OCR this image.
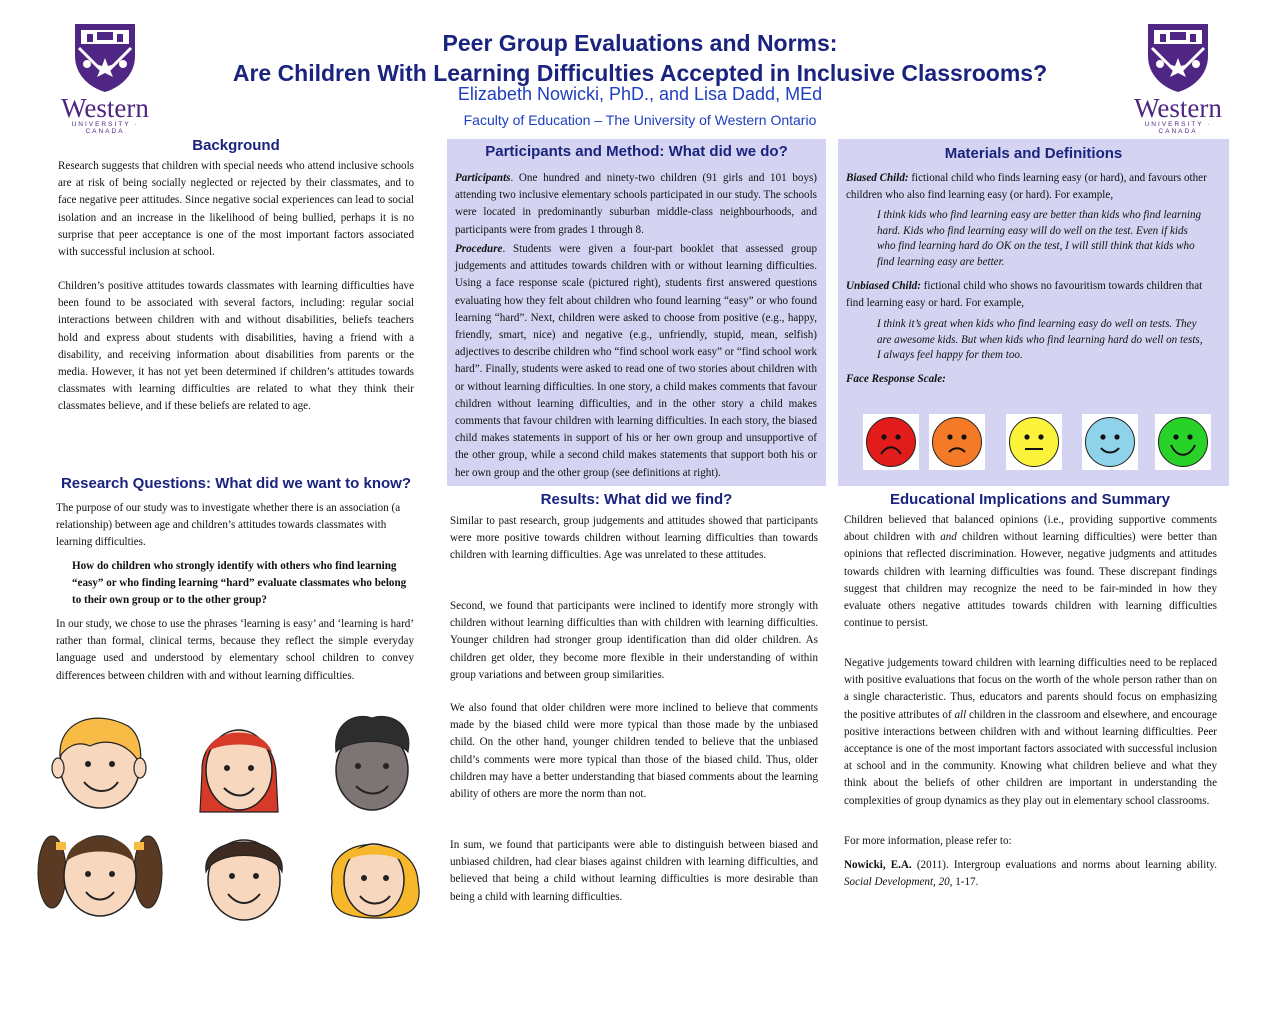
Western
UNIVERSITY · CANADA
Western
UNIVERSITY · CANADA
Peer Group Evaluations and Norms:
Are Children With Learning Difficulties Accepted in Inclusive Classrooms?
Elizabeth Nowicki, PhD., and Lisa Dadd, MEd
Faculty of Education – The University of Western Ontario
Background
Research suggests that children with special needs who attend inclusive schools are at risk of being socially neglected or rejected by their classmates, and to face negative peer attitudes. Since negative social experiences can lead to social isolation and an increase in the likelihood of being bullied, perhaps it is no surprise that peer acceptance is one of the most important factors associated with successful inclusion at school.
Children’s positive attitudes towards classmates with learning difficulties have been found to be associated with several factors, including: regular social interactions between children with and without disabilities, beliefs teachers hold and express about students with disabilities, having a friend with a disability, and receiving information about disabilities from parents or the media. However, it has not yet been determined if children’s attitudes towards classmates with learning difficulties are related to what they think their classmates believe, and if these beliefs are related to age.
Research Questions: What did we want to know?
The purpose of our study was to investigate whether there is an association (a relationship) between age and children’s attitudes towards classmates with learning difficulties.
How do children who strongly identify with others who find learning “easy” or who finding learning “hard” evaluate classmates who belong to their own group or to the other group?
In our study, we chose to use the phrases ‘learning is easy’ and ‘learning is hard’ rather than formal, clinical terms, because they reflect the simple everyday language used and understood by elementary school children to convey differences between children with and without learning difficulties.
Participants and Method: What did we do?
Participants. One hundred and ninety-two children (91 girls and 101 boys) attending two inclusive elementary schools participated in our study. The schools were located in predominantly suburban middle-class neighbourhoods, and participants were from grades 1 through 8.
Procedure. Students were given a four-part booklet that assessed group judgements and attitudes towards children with or without learning difficulties. Using a face response scale (pictured right), students first answered questions evaluating how they felt about children who found learning “easy” or who found learning “hard”. Next, children were asked to choose from positive (e.g., happy, friendly, smart, nice) and negative (e.g., unfriendly, stupid, mean, selfish) adjectives to describe children who “find school work easy” or “find school work hard”. Finally, students were asked to read one of two stories about children with or without learning difficulties. In one story, a child makes comments that favour children without learning difficulties, and in the other story a child makes comments that favour children with learning difficulties. In each story, the biased child makes statements in support of his or her own group and unsupportive of the other group, while a second child makes statements that support both his or her own group and the other group (see definitions at right).
Materials and Definitions
Biased Child: fictional child who finds learning easy (or hard), and favours other children who also find learning easy (or hard). For example,
I think kids who find learning easy are better than kids who find learning hard. Kids who find learning easy will do well on the test. Even if kids who find learning hard do OK on the test, I will still think that kids who find learning easy are better.
Unbiased Child: fictional child who shows no favouritism towards children that find learning easy or hard. For example,
I think it’s great when kids who find learning easy do well on tests. They are awesome kids. But when kids who find learning hard do well on tests, I always feel happy for them too.
Face Response Scale:
Results: What did we find?
Similar to past research, group judgements and attitudes showed that participants were more positive towards children without learning difficulties than towards children with learning difficulties. Age was unrelated to these attitudes.
Second, we found that participants were inclined to identify more strongly with children without learning difficulties than with children with learning difficulties. Younger children had stronger group identification than did older children. As children get older, they become more flexible in their understanding of within group variations and between group similarities.
We also found that older children were more inclined to believe that comments made by the biased child were more typical than those made by the unbiased child. On the other hand, younger children tended to believe that the unbiased child’s comments were more typical than those of the biased child. Thus, older children may have a better understanding that biased comments about the learning ability of others are more the norm than not.
In sum, we found that participants were able to distinguish between biased and unbiased children, had clear biases against children with learning difficulties, and believed that being a child without learning difficulties is more desirable than being a child with learning difficulties.
Educational Implications and Summary
Children believed that balanced opinions (i.e., providing supportive comments about children with and children without learning difficulties) were better than opinions that reflected discrimination. However, negative judgments and attitudes towards children with learning difficulties was found. These discrepant findings suggest that children may recognize the need to be fair-minded in how they evaluate others negative attitudes towards children with learning difficulties continue to persist.
Negative judgements toward children with learning difficulties need to be replaced with positive evaluations that focus on the worth of the whole person rather than on a single characteristic. Thus, educators and parents should focus on emphasizing the positive attributes of all children in the classroom and elsewhere, and encourage positive interactions between children with and without learning difficulties. Peer acceptance is one of the most important factors associated with successful inclusion at school and in the community. Knowing what children believe and what they think about the beliefs of other children are important in understanding the complexities of group dynamics as they play out in elementary school classrooms.
For more information, please refer to:
Nowicki, E.A. (2011). Intergroup evaluations and norms about learning ability. Social Development, 20, 1-17.
